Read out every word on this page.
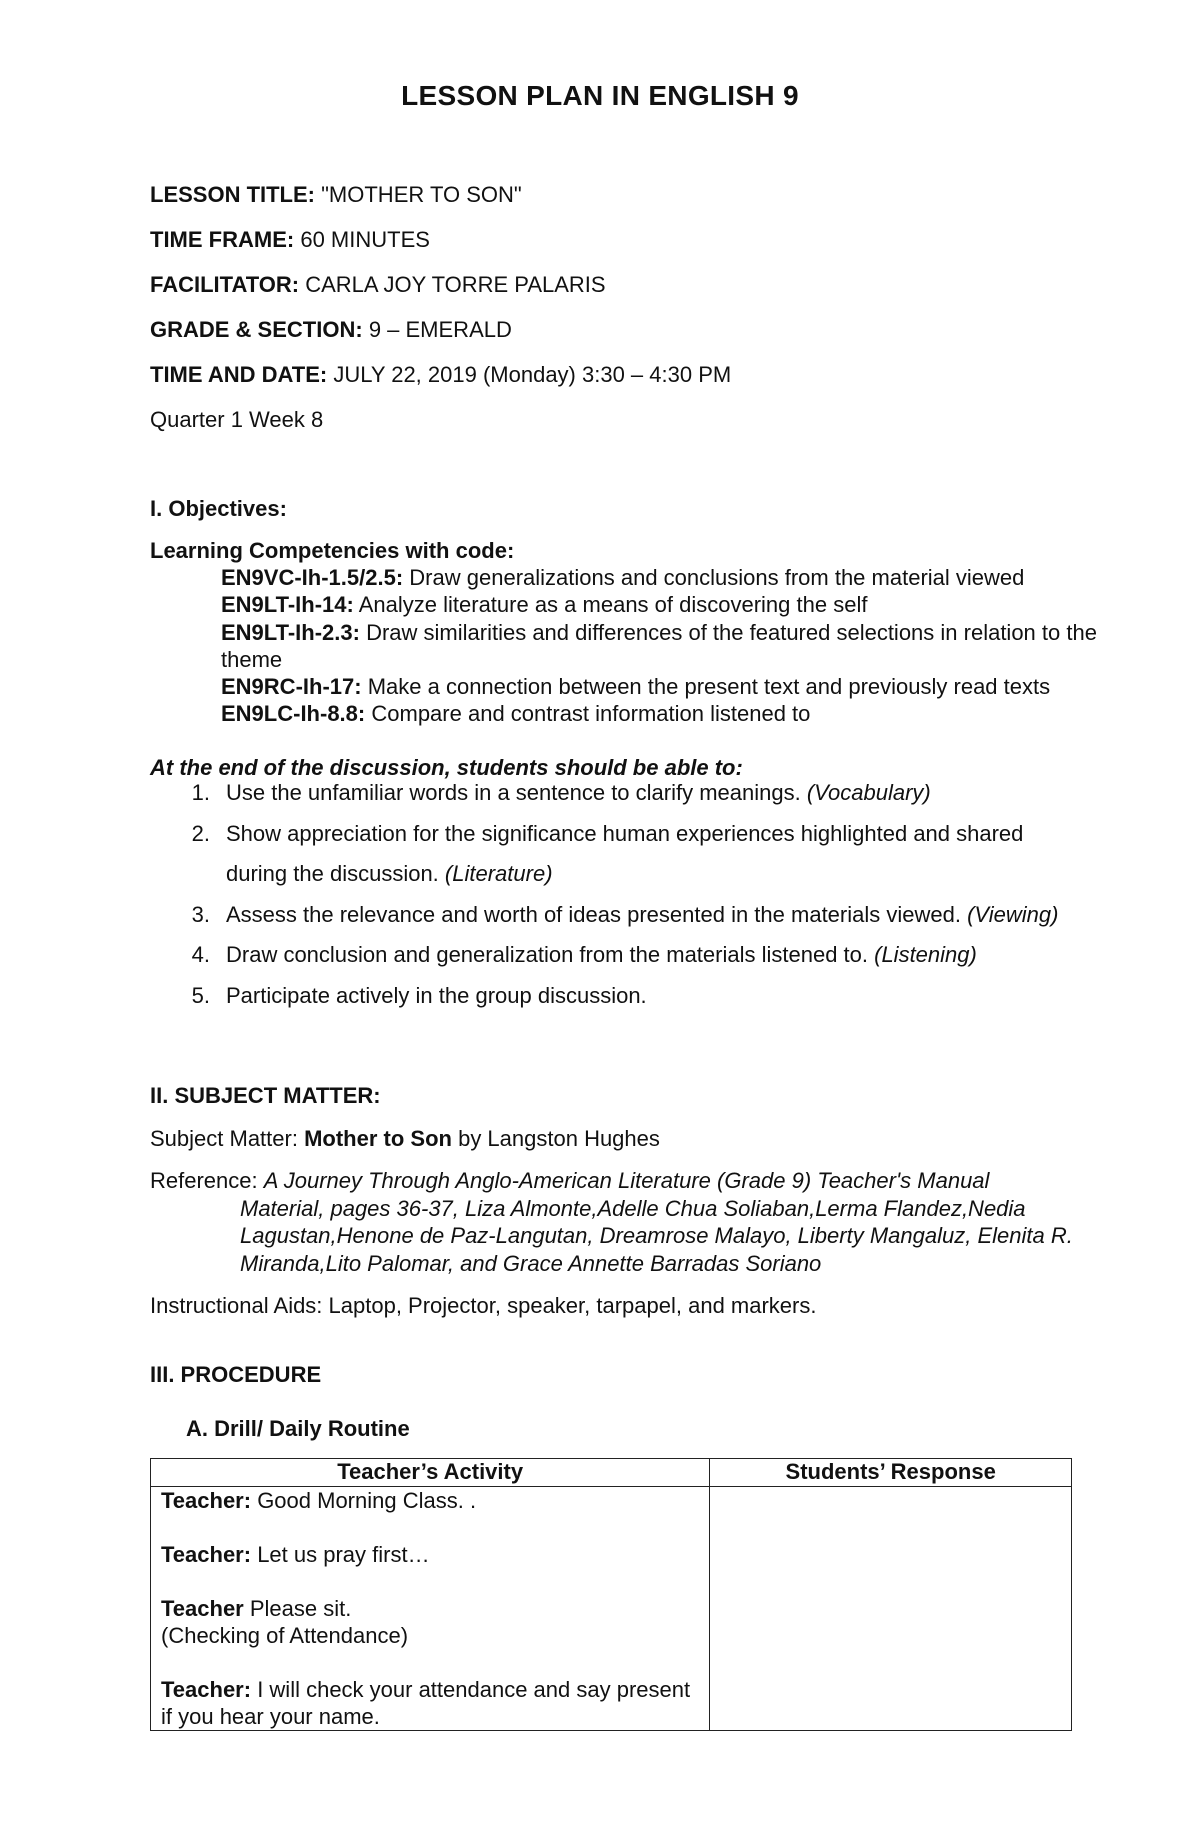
LESSON PLAN IN ENGLISH 9
LESSON TITLE: "MOTHER TO SON"
TIME FRAME: 60 MINUTES
FACILITATOR: CARLA JOY TORRE PALARIS
GRADE & SECTION: 9 – EMERALD
TIME AND DATE: JULY 22, 2019 (Monday) 3:30 – 4:30 PM
Quarter 1 Week 8
I. Objectives:
Learning Competencies with code:
EN9VC-Ih-1.5/2.5: Draw generalizations and conclusions from the material viewed
EN9LT-Ih-14: Analyze literature as a means of discovering the self
EN9LT-Ih-2.3: Draw similarities and differences of the featured selections in relation to the theme
EN9RC-Ih-17: Make a connection between the present text and previously read texts
EN9LC-Ih-8.8: Compare and contrast information listened to
At the end of the discussion, students should be able to:
1. Use the unfamiliar words in a sentence to clarify meanings. (Vocabulary)
2. Show appreciation for the significance human experiences highlighted and shared during the discussion. (Literature)
3. Assess the relevance and worth of ideas presented in the materials viewed. (Viewing)
4. Draw conclusion and generalization from the materials listened to. (Listening)
5. Participate actively in the group discussion.
II. SUBJECT MATTER:
Subject Matter: Mother to Son by Langston Hughes
Reference: A Journey Through Anglo-American Literature (Grade 9) Teacher's Manual
Material, pages 36-37, Liza Almonte,Adelle Chua Soliaban,Lerma Flandez,Nedia
Lagustan,Henone de Paz-Langutan, Dreamrose Malayo, Liberty Mangaluz, Elenita R.
Miranda,Lito Palomar, and Grace Annette Barradas Soriano
Instructional Aids: Laptop, Projector, speaker, tarpapel, and markers.
III. PROCEDURE
A. Drill/ Daily Routine
Teacher’s Activity	Students’ Response

Teacher: Good Morning Class. .
Teacher: Let us pray first…
Teacher Please sit.
(Checking of Attendance)
Teacher: I will check your attendance and say present if you hear your name.	
